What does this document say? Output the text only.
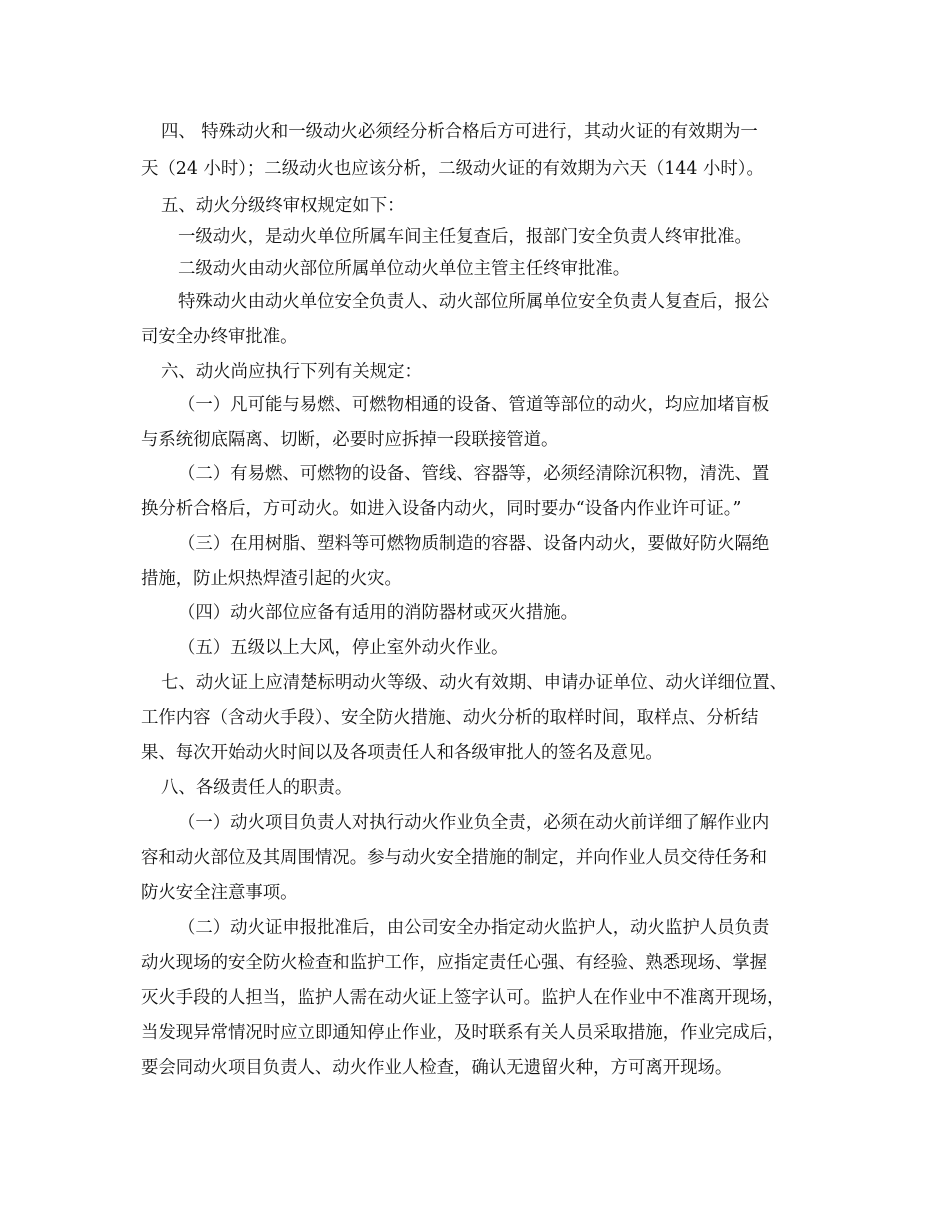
四、 特殊动火和一级动火必须经分析合格后方可进行，其动火证的有效期为一

天（24 小时）；二级动火也应该分析，二级动火证的有效期为六天（144 小时）。

五、动火分级终审权规定如下：

一级动火，是动火单位所属车间主任复查后，报部门安全负责人终审批准。

二级动火由动火部位所属单位动火单位主管主任终审批准。

特殊动火由动火单位安全负责人、动火部位所属单位安全负责人复查后，报公

司安全办终审批准。

六、动火尚应执行下列有关规定：

（一）凡可能与易燃、可燃物相通的设备、管道等部位的动火，均应加堵盲板

与系统彻底隔离、切断，必要时应拆掉一段联接管道。

（二）有易燃、可燃物的设备、管线、容器等，必须经清除沉积物，清洗、置

换分析合格后，方可动火。如进入设备内动火，同时要办“设备内作业许可证。”

（三）在用树脂、塑料等可燃物质制造的容器、设备内动火，要做好防火隔绝

措施，防止炽热焊渣引起的火灾。

（四）动火部位应备有适用的消防器材或灭火措施。

（五）五级以上大风，停止室外动火作业。

七、动火证上应清楚标明动火等级、动火有效期、申请办证单位、动火详细位置、

工作内容（含动火手段）、安全防火措施、动火分析的取样时间，取样点、分析结

果、每次开始动火时间以及各项责任人和各级审批人的签名及意见。

八、各级责任人的职责。

（一）动火项目负责人对执行动火作业负全责，必须在动火前详细了解作业内

容和动火部位及其周围情况。参与动火安全措施的制定，并向作业人员交待任务和

防火安全注意事项。

（二）动火证申报批准后，由公司安全办指定动火监护人，动火监护人员负责

动火现场的安全防火检查和监护工作，应指定责任心强、有经验、熟悉现场、掌握

灭火手段的人担当，监护人需在动火证上签字认可。监护人在作业中不准离开现场，

当发现异常情况时应立即通知停止作业，及时联系有关人员采取措施，作业完成后，

要会同动火项目负责人、动火作业人检查，确认无遗留火种，方可离开现场。
